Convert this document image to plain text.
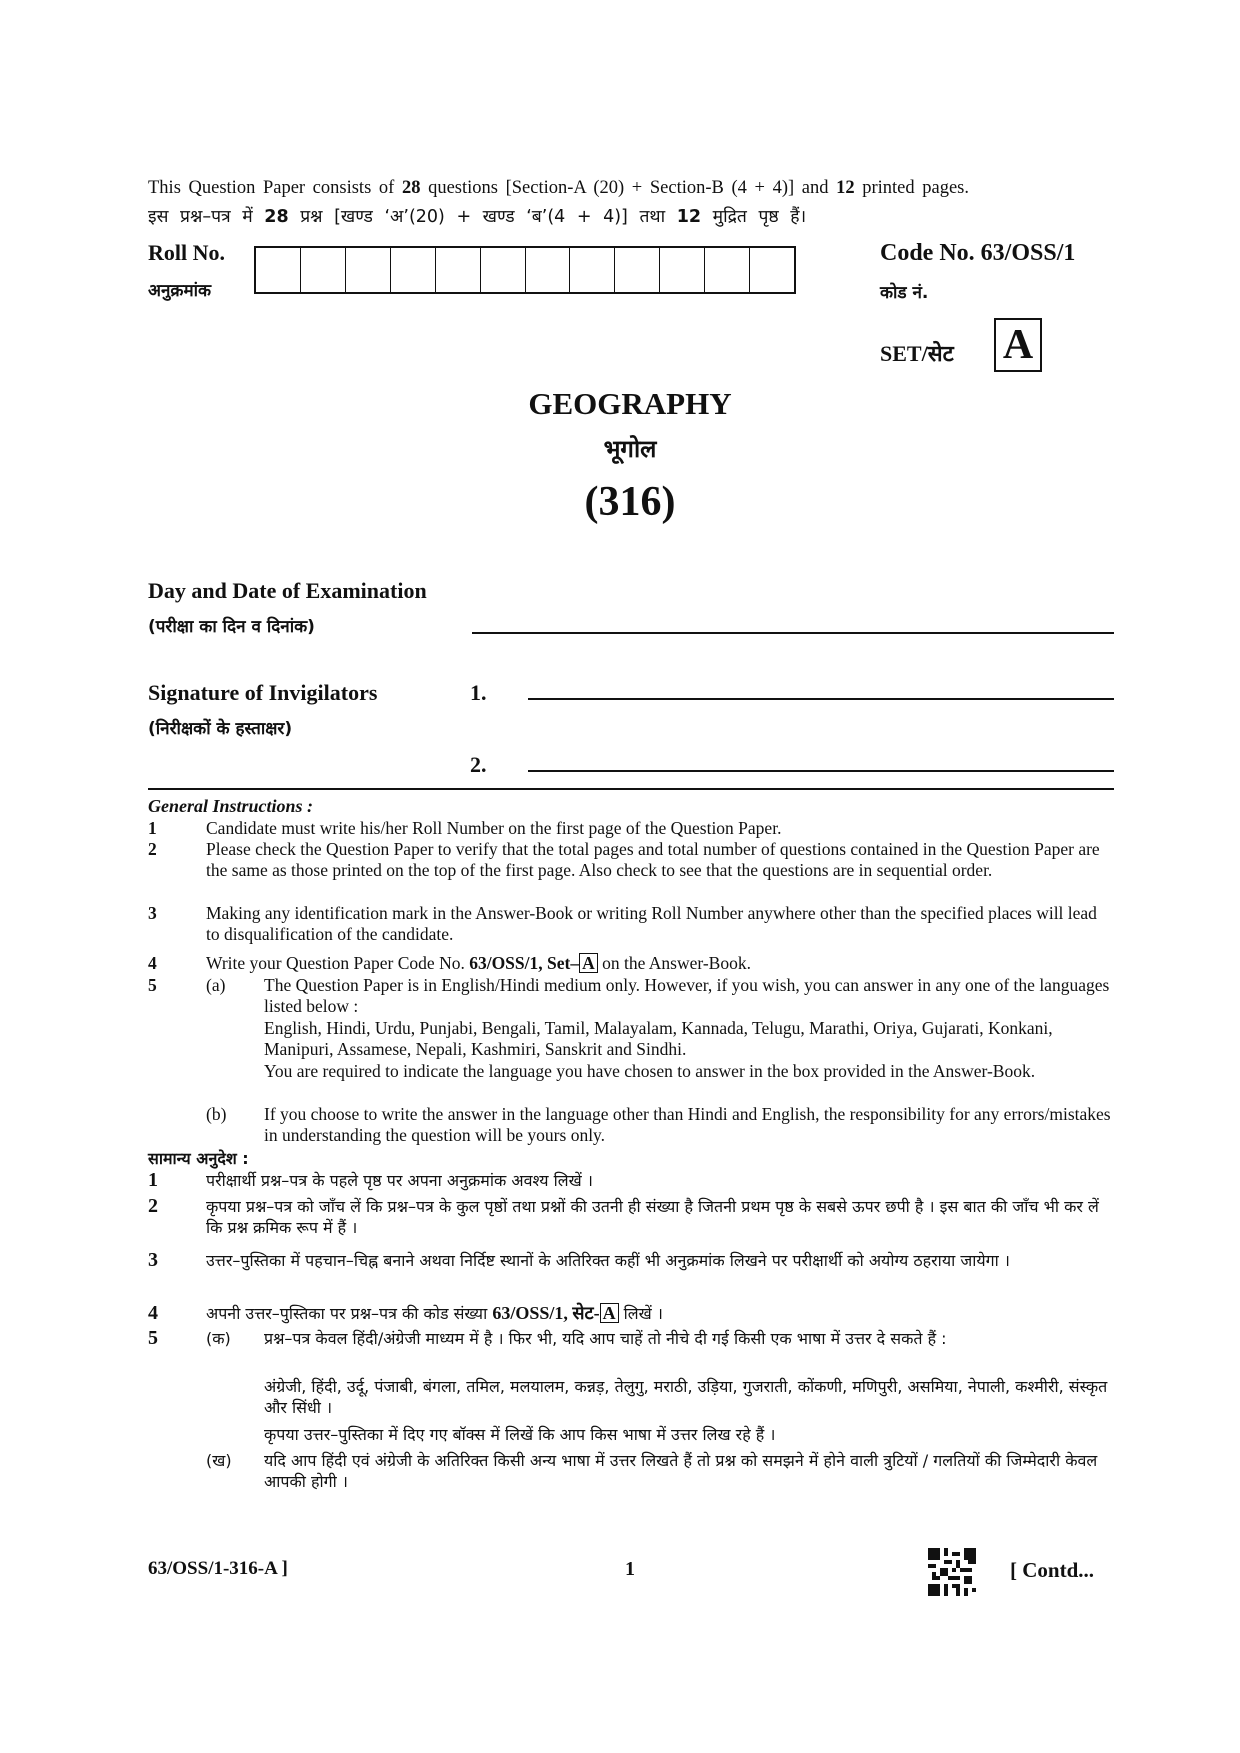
This Question Paper consists of 28 questions [Section-A (20) + Section-B (4 + 4)] and 12 printed pages.
इस प्रश्न–पत्र में 28 प्रश्न [खण्ड ‘अ’(20) + खण्ड ‘ब’(4 + 4)] तथा 12 मुद्रित पृष्ठ हैं।
Roll No.
अनुक्रमांक
Code No. 63/OSS/1
कोड नं.
SET/सेट A
GEOGRAPHY
भूगोल
(316)
Day and Date of Examination
(परीक्षा का दिन व दिनांक)
Signature of Invigilators
(निरीक्षकों के हस्ताक्षर)
1.
2.
General Instructions :
1	Candidate must write his/her Roll Number on the first page of the Question Paper.
2	Please check the Question Paper to verify that the total pages and total number of questions contained in the Question Paper are the same as those printed on the top of the first page. Also check to see that the questions are in sequential order.
3	Making any identification mark in the Answer-Book or writing Roll Number anywhere other than the specified places will lead to disqualification of the candidate.
4	Write your Question Paper Code No. 63/OSS/1, Set– A on the Answer-Book.
5	(a) The Question Paper is in English/Hindi medium only. However, if you wish, you can answer in any one of the languages listed below :
English, Hindi, Urdu, Punjabi, Bengali, Tamil, Malayalam, Kannada, Telugu, Marathi, Oriya, Gujarati, Konkani, Manipuri, Assamese, Nepali, Kashmiri, Sanskrit and Sindhi.
You are required to indicate the language you have chosen to answer in the box provided in the Answer-Book.
(b) If you choose to write the answer in the language other than Hindi and English, the responsibility for any errors/mistakes in understanding the question will be yours only.
सामान्य अनुदेश :
1	परीक्षार्थी प्रश्न–पत्र के पहले पृष्ठ पर अपना अनुक्रमांक अवश्य लिखें ।
2	कृपया प्रश्न–पत्र को जाँच लें कि प्रश्न–पत्र के कुल पृष्ठों तथा प्रश्नों की उतनी ही संख्या है जितनी प्रथम पृष्ठ के सबसे ऊपर छपी है । इस बात की जाँच भी कर लें कि प्रश्न क्रमिक रूप में हैं ।
3	उत्तर–पुस्तिका में पहचान–चिह्न बनाने अथवा निर्दिष्ट स्थानों के अतिरिक्त कहीं भी अनुक्रमांक लिखने पर परीक्षार्थी को अयोग्य ठहराया जायेगा ।
4	अपनी उत्तर–पुस्तिका पर प्रश्न–पत्र की कोड संख्या 63/OSS/1, सेट- A लिखें ।
5	(क) प्रश्न–पत्र केवल हिंदी/अंग्रेजी माध्यम में है । फिर भी, यदि आप चाहें तो नीचे दी गई किसी एक भाषा में उत्तर दे सकते हैं :
अंग्रेजी, हिंदी, उर्दू, पंजाबी, बंगला, तमिल, मलयालम, कन्नड़, तेलुगु, मराठी, उड़िया, गुजराती, कोंकणी, मणिपुरी, असमिया, नेपाली, कश्मीरी, संस्कृत और सिंधी ।
कृपया उत्तर–पुस्तिका में दिए गए बॉक्स में लिखें कि आप किस भाषा में उत्तर लिख रहे हैं ।
(ख) यदि आप हिंदी एवं अंग्रेजी के अतिरिक्त किसी अन्य भाषा में उत्तर लिखते हैं तो प्रश्न को समझने में होने वाली त्रुटियों / गलतियों की जिम्मेदारी केवल आपकी होगी ।
63/OSS/1-316-A ]	1	[ Contd...
